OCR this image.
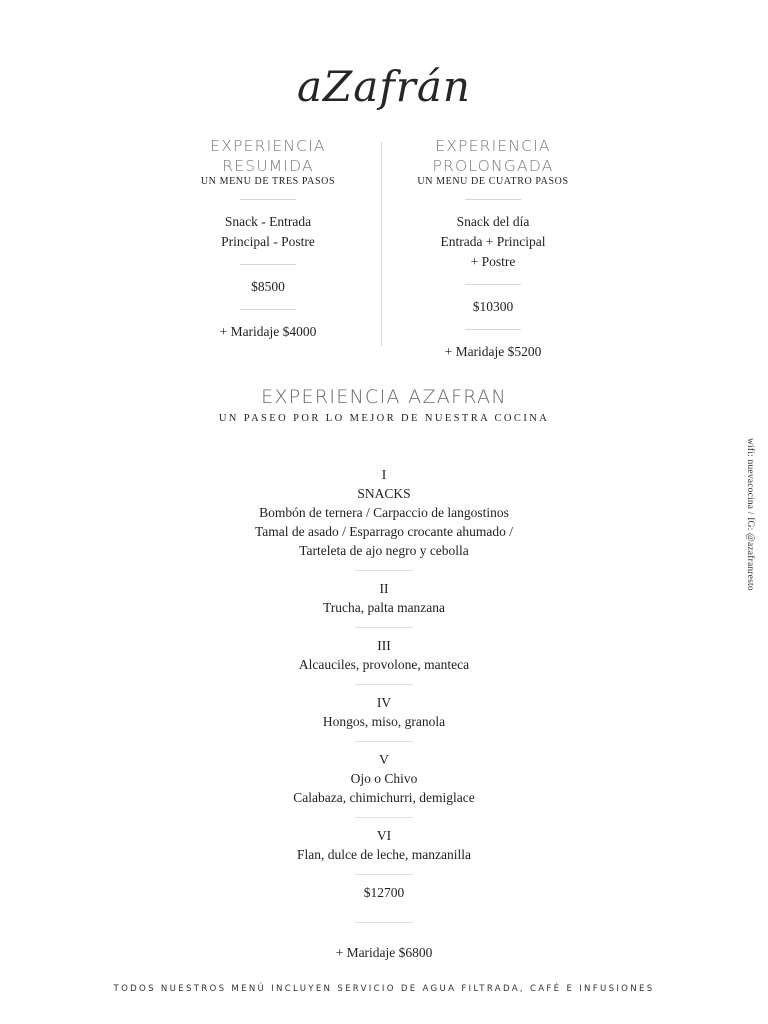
aZafrán
EXPERIENCIA
RESUMIDA
UN MENU DE TRES PASOS
Snack - Entrada
Principal - Postre
$8500
+ Maridaje $4000
EXPERIENCIA
PROLONGADA
UN MENU DE CUATRO PASOS
Snack del día
Entrada + Principal
+ Postre
$10300
+ Maridaje $5200
EXPERIENCIA AZAFRAN
UN PASEO POR LO MEJOR DE NUESTRA COCINA
I
SNACKS
Bombón de ternera / Carpaccio de langostinos
Tamal de asado / Esparrago crocante ahumado /
Tarteleta de ajo negro y cebolla
II
Trucha, palta manzana
III
Alcauciles, provolone, manteca
IV
Hongos, miso, granola
V
Ojo o Chivo
Calabaza, chimichurri, demiglace
VI
Flan, dulce de leche, manzanilla
$12700
+ Maridaje $6800
wifi: nuevacocina / IG: @azafranresto
TODOS NUESTROS MENÚ INCLUYEN SERVICIO DE AGUA FILTRADA, CAFÉ E INFUSIONES
